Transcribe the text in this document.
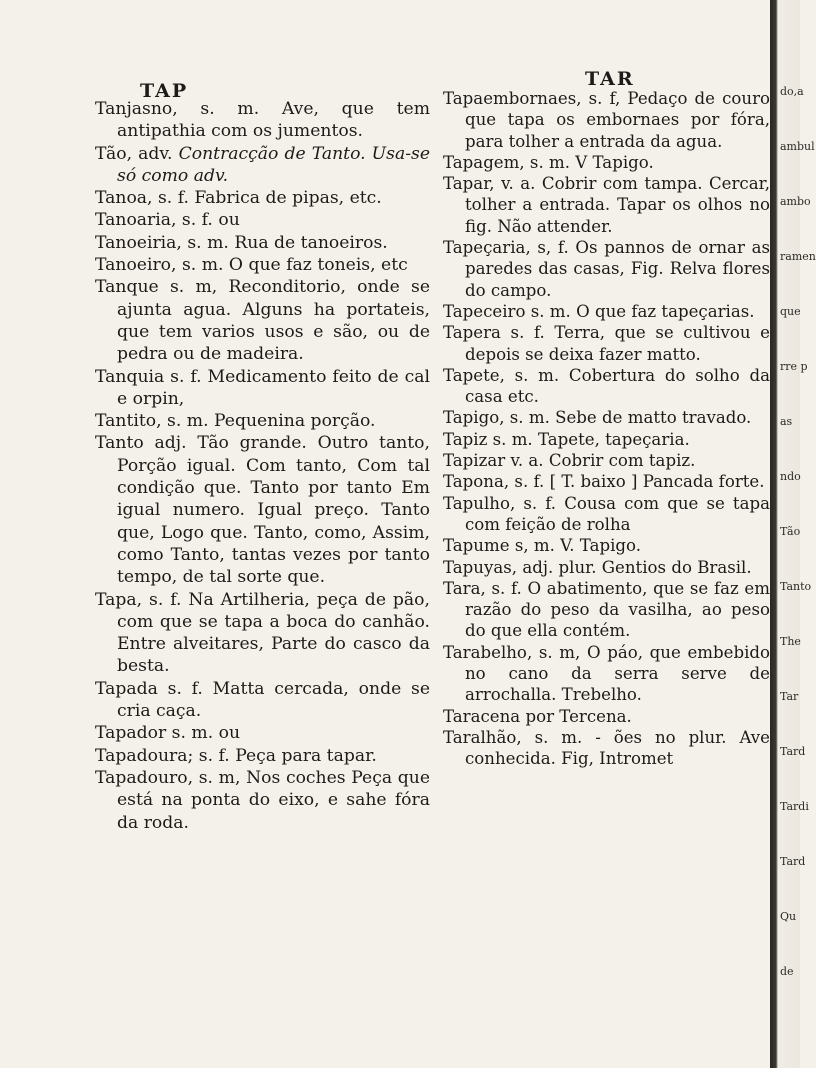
TAP
TAR
Tanjasno, s. m. Ave, que tem antipathia com os jumentos.
Tão, adv. Contracção de Tanto. Usa-se só como adv.
Tanoa, s. f. Fabrica de pipas, etc.
Tanoaria, s. f. ou
Tanoeiria, s. m. Rua de tanoeiros.
Tanoeiro, s. m. O que faz toneis, etc
Tanque s. m, Reconditorio, onde se ajunta agua. Alguns ha portateis, que tem varios usos e são, ou de pedra ou de madeira.
Tanquia s. f. Medicamento feito de cal e orpin,
Tantito, s. m. Pequenina porção.
Tanto adj. Tão grande. Outro tanto, Porção igual. Com tanto, Com tal condição que. Tanto por tanto Em igual numero. Igual preço. Tanto que, Logo que. Tanto, como, Assim, como Tanto, tantas vezes por tanto tempo, de tal sorte que.
Tapa, s. f. Na Artilheria, peça de pão, com que se tapa a boca do canhão. Entre alveitares, Parte do casco da besta.
Tapada s. f. Matta cercada, onde se cria caça.
Tapador s. m. ou
Tapadoura; s. f. Peça para tapar.
Tapadouro, s. m, Nos coches Peça que está na ponta do eixo, e sahe fóra da roda.
Tapaembornaes, s. f, Pedaço de couro que tapa os embornaes por fóra, para tolher a entrada da agua.
Tapagem, s. m. V Tapigo.
Tapar, v. a. Cobrir com tampa. Cercar, tolher a entrada. Tapar os olhos no fig. Não attender.
Tapeçaria, s, f. Os pannos de ornar as paredes das casas, Fig. Relva flores do campo.
Tapeceiro s. m. O que faz tapeçarias.
Tapera s. f. Terra, que se cultivou e depois se deixa fazer matto.
Tapete, s. m. Cobertura do solho da casa etc.
Tapigo, s. m. Sebe de matto travado.
Tapiz s. m. Tapete, tapeçaria.
Tapizar v. a. Cobrir com tapiz.
Tapona, s. f. [ T. baixo ] Pancada forte.
Tapulho, s. f. Cousa com que se tapa com feição de rolha
Tapume s, m. V. Tapigo.
Tapuyas, adj. plur. Gentios do Brasil.
Tara, s. f. O abatimento, que se faz em razão do peso da vasilha, ao peso do que ella contém.
Tarabelho, s. m, O páo, que embebido no cano da serra serve de arrochalla. Trebelho.
Taracena por Tercena.
Taralhão, s. m. - ões no plur. Ave conhecida. Fig, Intromet
do,a
ambul
ambo
ramen
que
rre p
as
ndo
Tão
Tanto
The
Tar
Tard
Tardi
Tard
Qu
de
